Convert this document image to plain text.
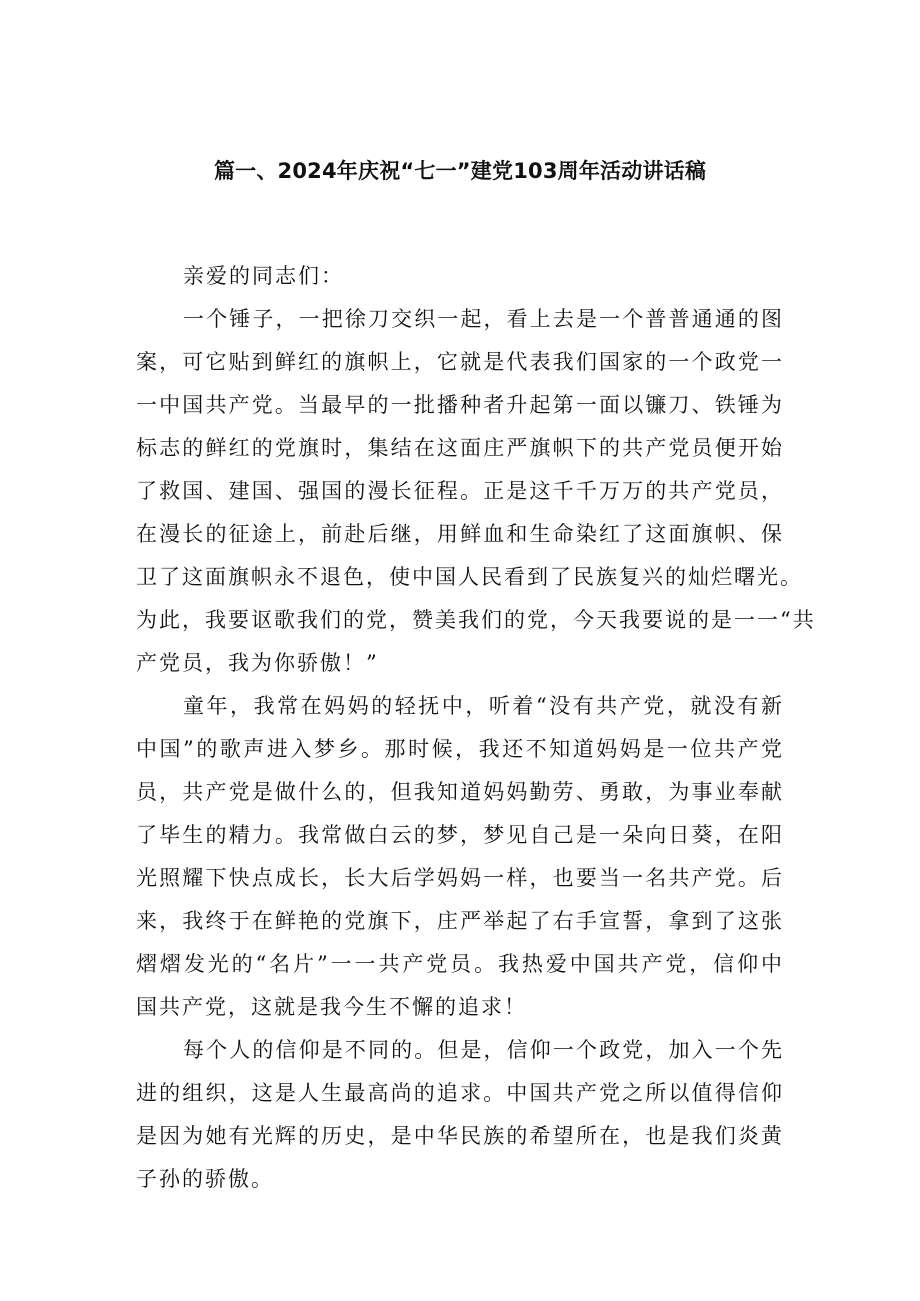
篇一、2024年庆祝“七一”建党103周年活动讲话稿
亲爱的同志们：
一个锤子，一把徐刀交织一起，看上去是一个普普通通的图
案，可它贴到鲜红的旗帜上，它就是代表我们国家的一个政党一
一中国共产党。当最早的一批播种者升起第一面以镰刀、铁锤为
标志的鲜红的党旗时，集结在这面庄严旗帜下的共产党员便开始
了救国、建国、强国的漫长征程。正是这千千万万的共产党员，
在漫长的征途上，前赴后继，用鲜血和生命染红了这面旗帜、保
卫了这面旗帜永不退色，使中国人民看到了民族复兴的灿烂曙光。
为此，我要讴歌我们的党，赞美我们的党，今天我要说的是一一“共
产党员，我为你骄傲！”
童年，我常在妈妈的轻抚中，听着“没有共产党，就没有新
中国”的歌声进入梦乡。那时候，我还不知道妈妈是一位共产党
员，共产党是做什么的，但我知道妈妈勤劳、勇敢，为事业奉献
了毕生的精力。我常做白云的梦，梦见自己是一朵向日葵，在阳
光照耀下快点成长，长大后学妈妈一样，也要当一名共产党。后
来，我终于在鲜艳的党旗下，庄严举起了右手宣誓，拿到了这张
熠熠发光的“名片”一一共产党员。我热爱中国共产党，信仰中
国共产党，这就是我今生不懈的追求！
每个人的信仰是不同的。但是，信仰一个政党，加入一个先
进的组织，这是人生最高尚的追求。中国共产党之所以值得信仰
是因为她有光辉的历史，是中华民族的希望所在，也是我们炎黄
子孙的骄傲。
